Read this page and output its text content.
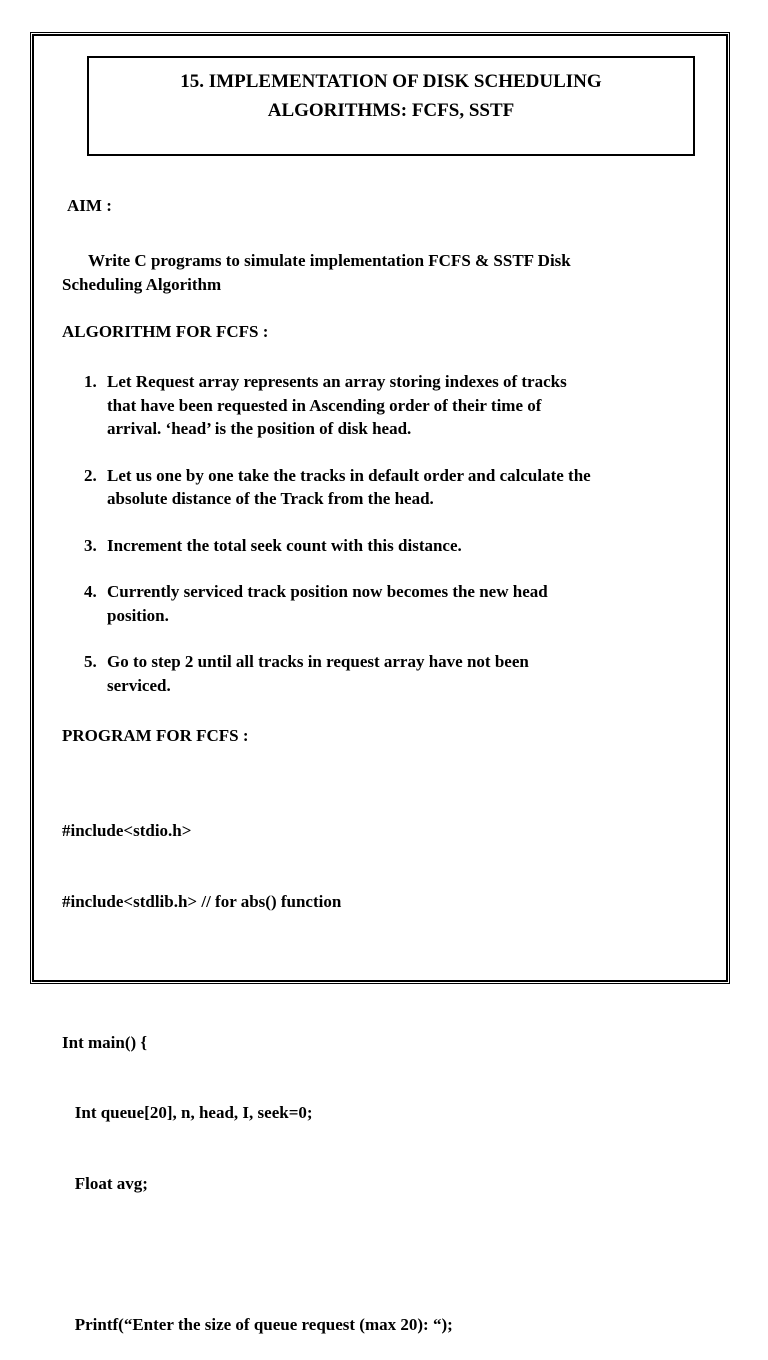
15. IMPLEMENTATION OF DISK SCHEDULING
ALGORITHMS: FCFS, SSTF
AIM :
Write C programs to simulate implementation FCFS & SSTF Disk
Scheduling Algorithm
ALGORITHM FOR FCFS :
1. Let Request array represents an array storing indexes of tracks
that have been requested in Ascending order of their time of
arrival. ‘head’ is the position of disk head.
2. Let us one by one take the tracks in default order and calculate the
absolute distance of the Track from the head.
3. Increment the total seek count with this distance.
4. Currently serviced track position now becomes the new head
position.
5. Go to step 2 until all tracks in request array have not been
serviced.
PROGRAM FOR FCFS :

#include<stdio.h>

#include<stdlib.h> // for abs() function

Int main() {

Int queue[20], n, head, I, seek=0;

Float avg;

Printf(“Enter the size of queue request (max 20): “);
